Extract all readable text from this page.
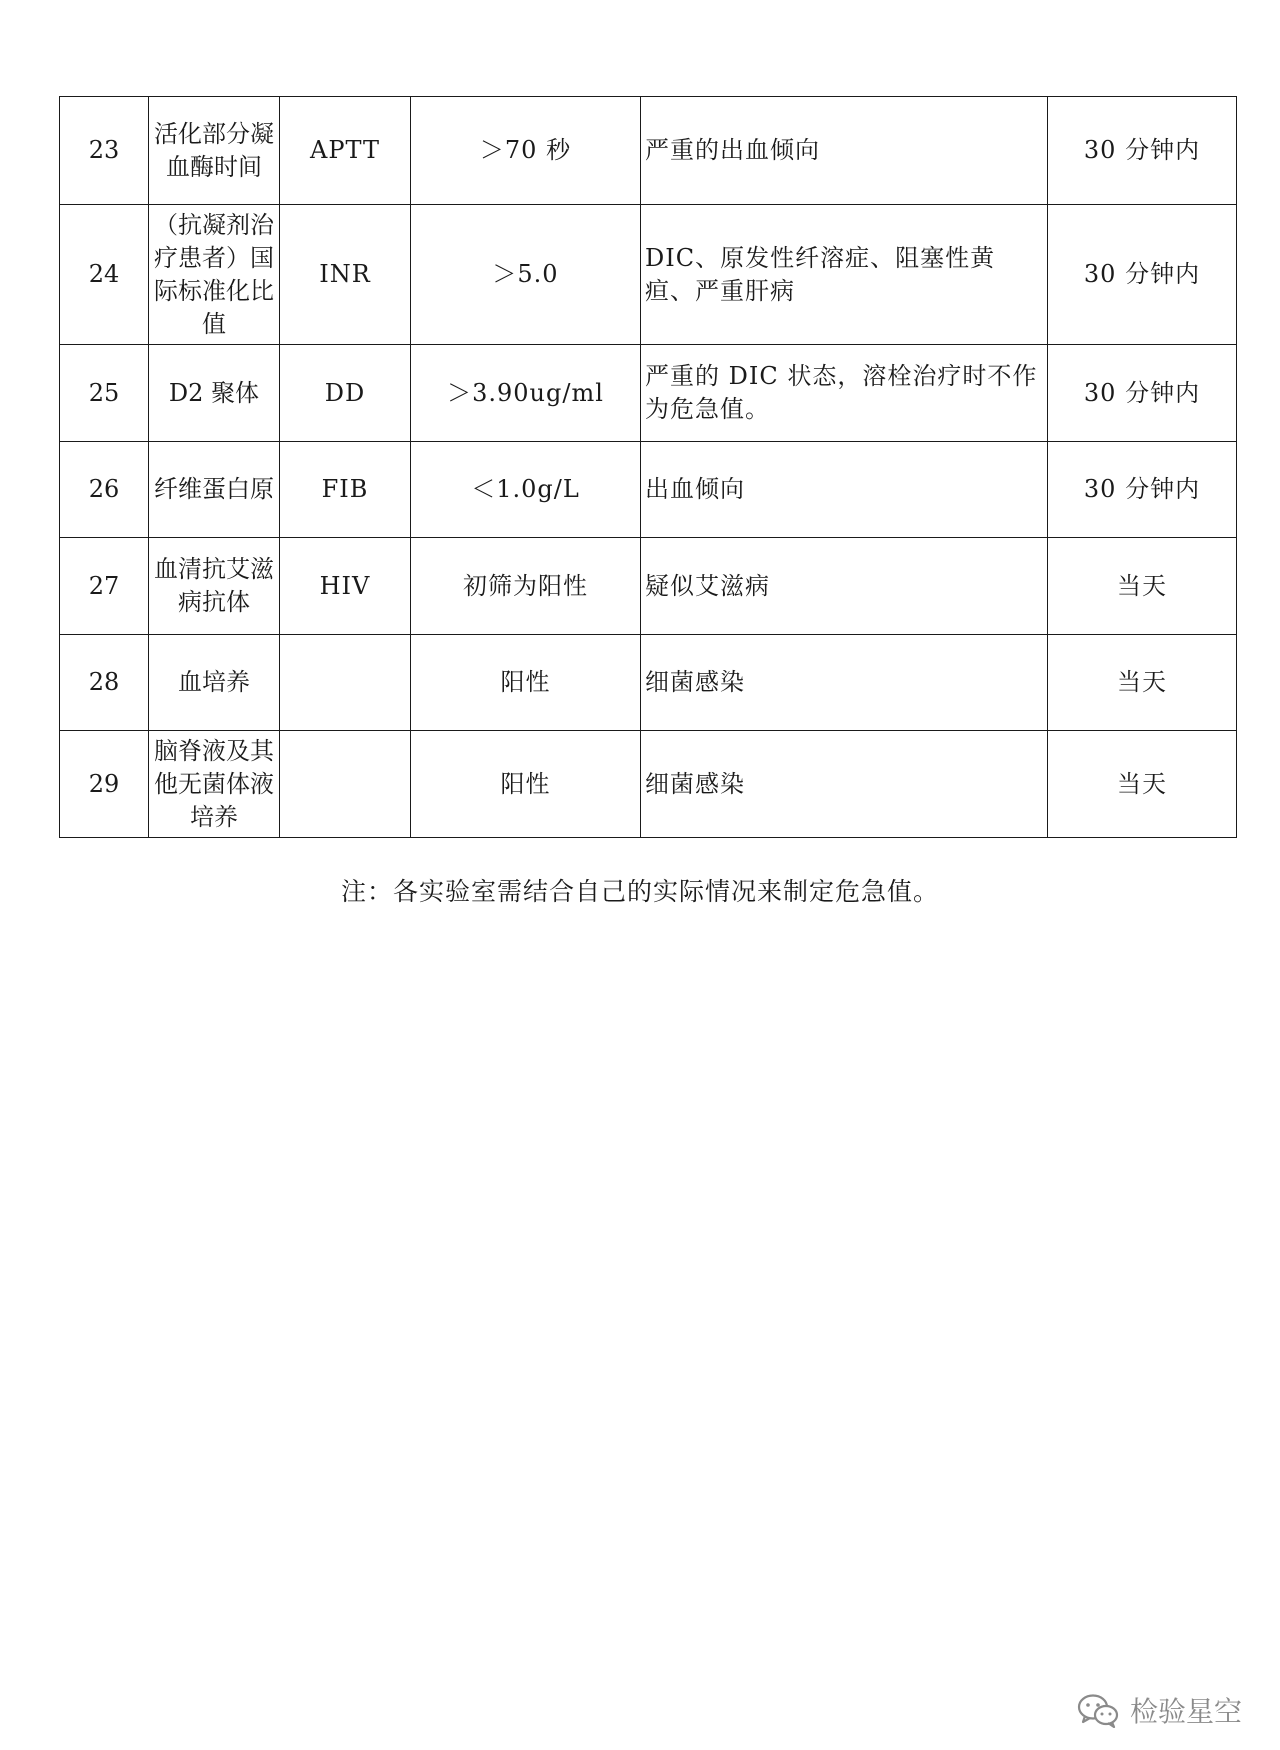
23	活化部分凝血酶时间	APTT	＞70 秒	严重的出血倾向	30 分钟内
24	（抗凝剂治疗患者）国际标准化比值	INR	＞5.0	DIC、原发性纤溶症、阻塞性黄疸、严重肝病	30 分钟内
25	D2 聚体	DD	＞3.90ug/ml	严重的 DIC 状态，溶栓治疗时不作为危急值。	30 分钟内
26	纤维蛋白原	FIB	＜1.0g/L	出血倾向	30 分钟内
27	血清抗艾滋病抗体	HIV	初筛为阳性	疑似艾滋病	当天
28	血培养		阳性	细菌感染	当天
29	脑脊液及其他无菌体液培养		阳性	细菌感染	当天
注：各实验室需结合自己的实际情况来制定危急值。
检验星空
